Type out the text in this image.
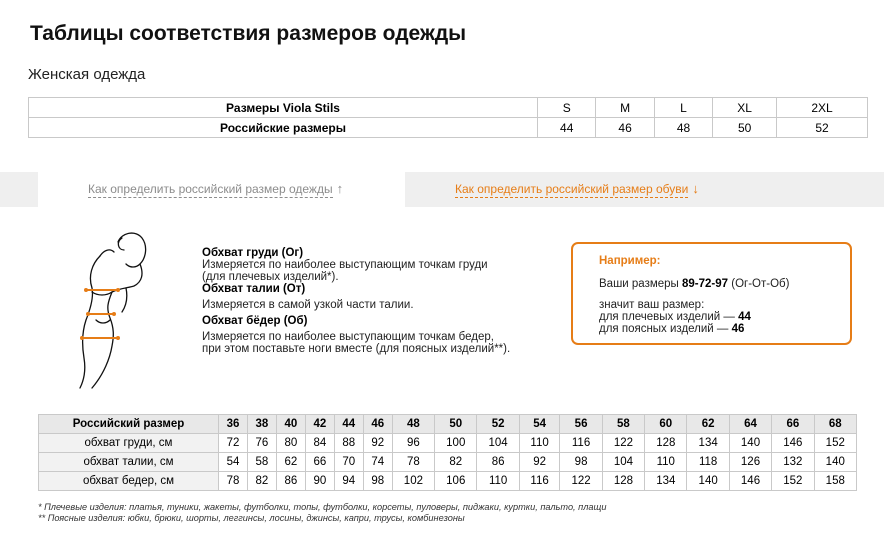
Таблицы соответствия размеров одежды
Женская одежда
Размеры Viola Stils	S	M	L	XL	2XL
Российские размеры	44	46	48	50	52
Как определить российский размер одежды ↑	Как определить российский размер обуви ↓
Обхват груди (Ог)
Измеряется по наиболее выступающим точкам груди
(для плечевых изделий*).
Обхват талии (От)
Измеряется в самой узкой части талии.
Обхват бёдер (Об)
Измеряется по наиболее выступающим точкам бедер,
при этом поставьте ноги вместе (для поясных изделий**).
Например:
Ваши размеры 89-72-97 (Ог-От-Об)
значит ваш размер:
для плечевых изделий — 44
для поясных изделий — 46
Российский размер	36	38	40	42	44	46	48	50	52	54	56	58	60	62	64	66	68
обхват груди, см	72	76	80	84	88	92	96	100	104	110	116	122	128	134	140	146	152
обхват талии, см	54	58	62	66	70	74	78	82	86	92	98	104	110	118	126	132	140
обхват бедер, см	78	82	86	90	94	98	102	106	110	116	122	128	134	140	146	152	158
* Плечевые изделия: платья, туники, жакеты, футболки, топы, футболки, корсеты, пуловеры, пиджаки, куртки, пальто, плащи
** Поясные изделия: юбки, брюки, шорты, леггинсы, лосины, джинсы, капри, трусы, комбинезоны
